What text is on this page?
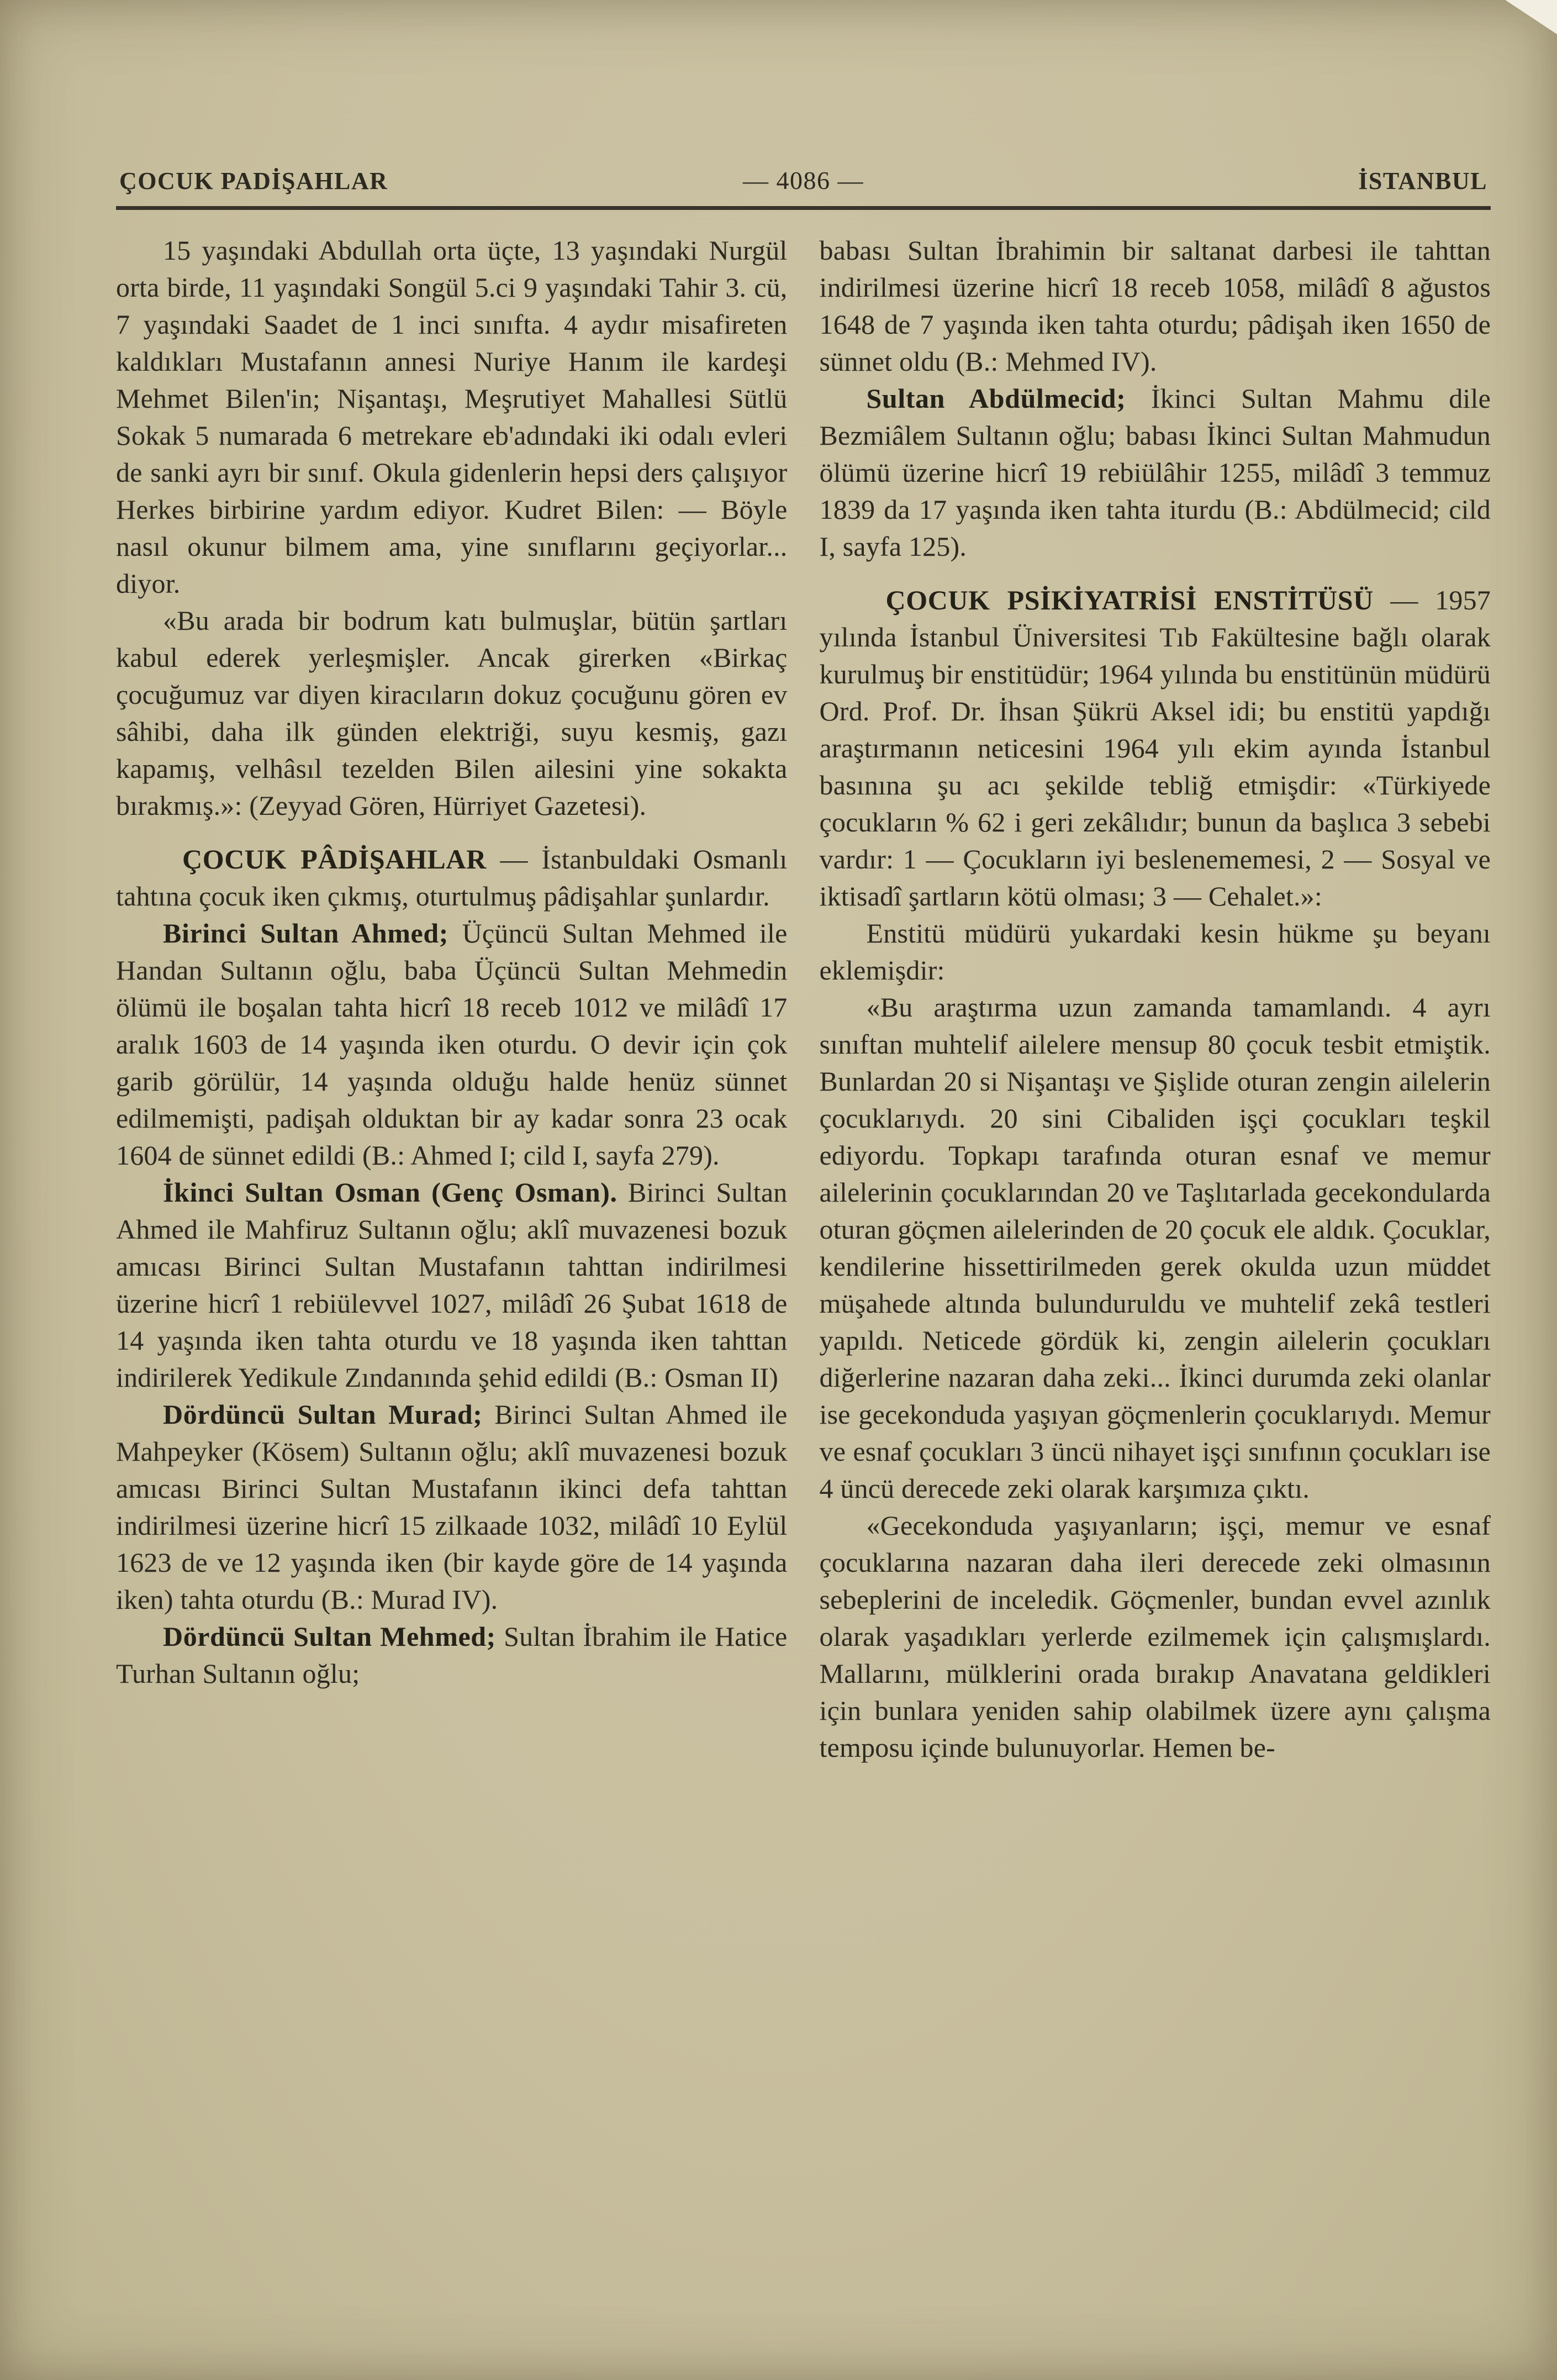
ÇOCUK PADİŞAHLAR	— 4086 —	İSTANBUL

15 yaşındaki Abdullah orta üçte, 13 yaşındaki Nurgül orta birde, 11 yaşındaki Songül 5.ci 9 yaşındaki Tahir 3. cü, 7 yaşındaki Saadet de 1 inci sınıfta. 4 aydır misafireten kaldıkları Mustafanın annesi Nuriye Hanım ile kardeşi Mehmet Bilen'in; Nişantaşı, Meşrutiyet Mahallesi Sütlü Sokak 5 numarada 6 metrekare eb'adındaki iki odalı evleri de sanki ayrı bir sınıf. Okula gidenlerin hepsi ders çalışıyor Herkes birbirine yardım ediyor. Kudret Bilen: — Böyle nasıl okunur bilmem ama, yine sınıflarını geçiyorlar... diyor.

«Bu arada bir bodrum katı bulmuşlar, bütün şartları kabul ederek yerleşmişler. Ancak girerken «Birkaç çocuğumuz var diyen kiracıların dokuz çocuğunu gören ev sâhibi, daha ilk günden elektriği, suyu kesmiş, gazı kapamış, velhâsıl tezelden Bilen ailesini yine sokakta bırakmış.»: (Zeyyad Gören, Hürriyet Gazetesi).

ÇOCUK PÂDİŞAHLAR — İstanbuldaki Osmanlı tahtına çocuk iken çıkmış, oturtulmuş pâdişahlar şunlardır.

Birinci Sultan Ahmed; Üçüncü Sultan Mehmed ile Handan Sultanın oğlu, baba Üçüncü Sultan Mehmedin ölümü ile boşalan tahta hicrî 18 receb 1012 ve milâdî 17 aralık 1603 de 14 yaşında iken oturdu. O devir için çok garib görülür, 14 yaşında olduğu halde henüz sünnet edilmemişti, padişah olduktan bir ay kadar sonra 23 ocak 1604 de sünnet edildi (B.: Ahmed I; cild I, sayfa 279).

İkinci Sultan Osman (Genç Osman). Birinci Sultan Ahmed ile Mahfiruz Sultanın oğlu; aklî muvazenesi bozuk amıcası Birinci Sultan Mustafanın tahttan indirilmesi üzerine hicrî 1 rebiülevvel 1027, milâdî 26 Şubat 1618 de 14 yaşında iken tahta oturdu ve 18 yaşında iken tahttan indirilerek Yedikule Zındanında şehid edildi (B.: Osman II)

Dördüncü Sultan Murad; Birinci Sultan Ahmed ile Mahpeyker (Kösem) Sultanın oğlu; aklî muvazenesi bozuk amıcası Birinci Sultan Mustafanın ikinci defa tahttan indirilmesi üzerine hicrî 15 zilkaade 1032, milâdî 10 Eylül 1623 de ve 12 yaşında iken (bir kayde göre de 14 yaşında iken) tahta oturdu (B.: Murad IV).

Dördüncü Sultan Mehmed; Sultan İbrahim ile Hatice Turhan Sultanın oğlu;

babası Sultan İbrahimin bir saltanat darbesi ile tahttan indirilmesi üzerine hicrî 18 receb 1058, milâdî 8 ağustos 1648 de 7 yaşında iken tahta oturdu; pâdişah iken 1650 de sünnet oldu (B.: Mehmed IV).

Sultan Abdülmecid; İkinci Sultan Mahmu dile Bezmiâlem Sultanın oğlu; babası İkinci Sultan Mahmudun ölümü üzerine hicrî 19 rebiülâhir 1255, milâdî 3 temmuz 1839 da 17 yaşında iken tahta iturdu (B.: Abdülmecid; cild I, sayfa 125).

ÇOCUK PSİKİYATRİSİ ENSTİTÜSÜ — 1957 yılında İstanbul Üniversitesi Tıb Fakültesine bağlı olarak kurulmuş bir enstitüdür; 1964 yılında bu enstitünün müdürü Ord. Prof. Dr. İhsan Şükrü Aksel idi; bu enstitü yapdığı araştırmanın neticesini 1964 yılı ekim ayında İstanbul basınına şu acı şekilde tebliğ etmişdir: «Türkiyede çocukların % 62 i geri zekâlıdır; bunun da başlıca 3 sebebi vardır: 1 — Çocukların iyi beslenememesi, 2 — Sosyal ve iktisadî şartların kötü olması; 3 — Cehalet.»:

Enstitü müdürü yukardaki kesin hükme şu beyanı eklemişdir:

«Bu araştırma uzun zamanda tamamlandı. 4 ayrı sınıftan muhtelif ailelere mensup 80 çocuk tesbit etmiştik. Bunlardan 20 si Nişantaşı ve Şişlide oturan zengin ailelerin çocuklarıydı. 20 sini Cibaliden işçi çocukları teşkil ediyordu. Topkapı tarafında oturan esnaf ve memur ailelerinin çocuklarından 20 ve Taşlıtarlada gecekondularda oturan göçmen ailelerinden de 20 çocuk ele aldık. Çocuklar, kendilerine hissettirilmeden gerek okulda uzun müddet müşahede altında bulunduruldu ve muhtelif zekâ testleri yapıldı. Neticede gördük ki, zengin ailelerin çocukları diğerlerine nazaran daha zeki... İkinci durumda zeki olanlar ise gecekonduda yaşıyan göçmenlerin çocuklarıydı. Memur ve esnaf çocukları 3 üncü nihayet işçi sınıfının çocukları ise 4 üncü derecede zeki olarak karşımıza çıktı.

«Gecekonduda yaşıyanların; işçi, memur ve esnaf çocuklarına nazaran daha ileri derecede zeki olmasının sebeplerini de inceledik. Göçmenler, bundan evvel azınlık olarak yaşadıkları yerlerde ezilmemek için çalışmışlardı. Mallarını, mülklerini orada bırakıp Anavatana geldikleri için bunlara yeniden sahip olabilmek üzere aynı çalışma temposu içinde bulunuyorlar. Hemen be-
